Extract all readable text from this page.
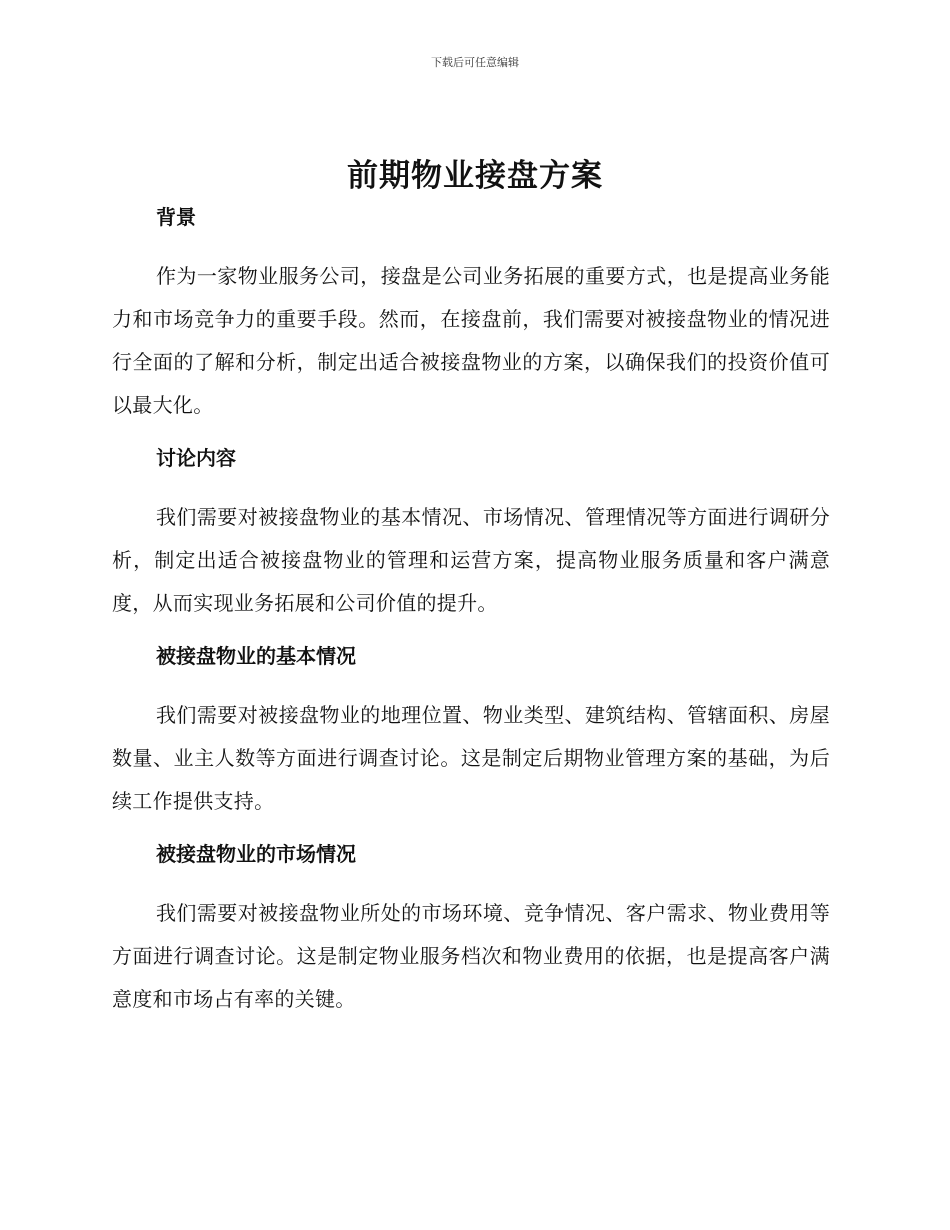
下载后可任意编辑
前期物业接盘方案
背景

作为一家物业服务公司，接盘是公司业务拓展的重要方式，也是提高业务能力和市场竞争力的重要手段。然而，在接盘前，我们需要对被接盘物业的情况进行全面的了解和分析，制定出适合被接盘物业的方案，以确保我们的投资价值可以最大化。

讨论内容

我们需要对被接盘物业的基本情况、市场情况、管理情况等方面进行调研分析，制定出适合被接盘物业的管理和运营方案，提高物业服务质量和客户满意度，从而实现业务拓展和公司价值的提升。

被接盘物业的基本情况

我们需要对被接盘物业的地理位置、物业类型、建筑结构、管辖面积、房屋数量、业主人数等方面进行调查讨论。这是制定后期物业管理方案的基础，为后续工作提供支持。

被接盘物业的市场情况

我们需要对被接盘物业所处的市场环境、竞争情况、客户需求、物业费用等方面进行调查讨论。这是制定物业服务档次和物业费用的依据，也是提高客户满意度和市场占有率的关键。
